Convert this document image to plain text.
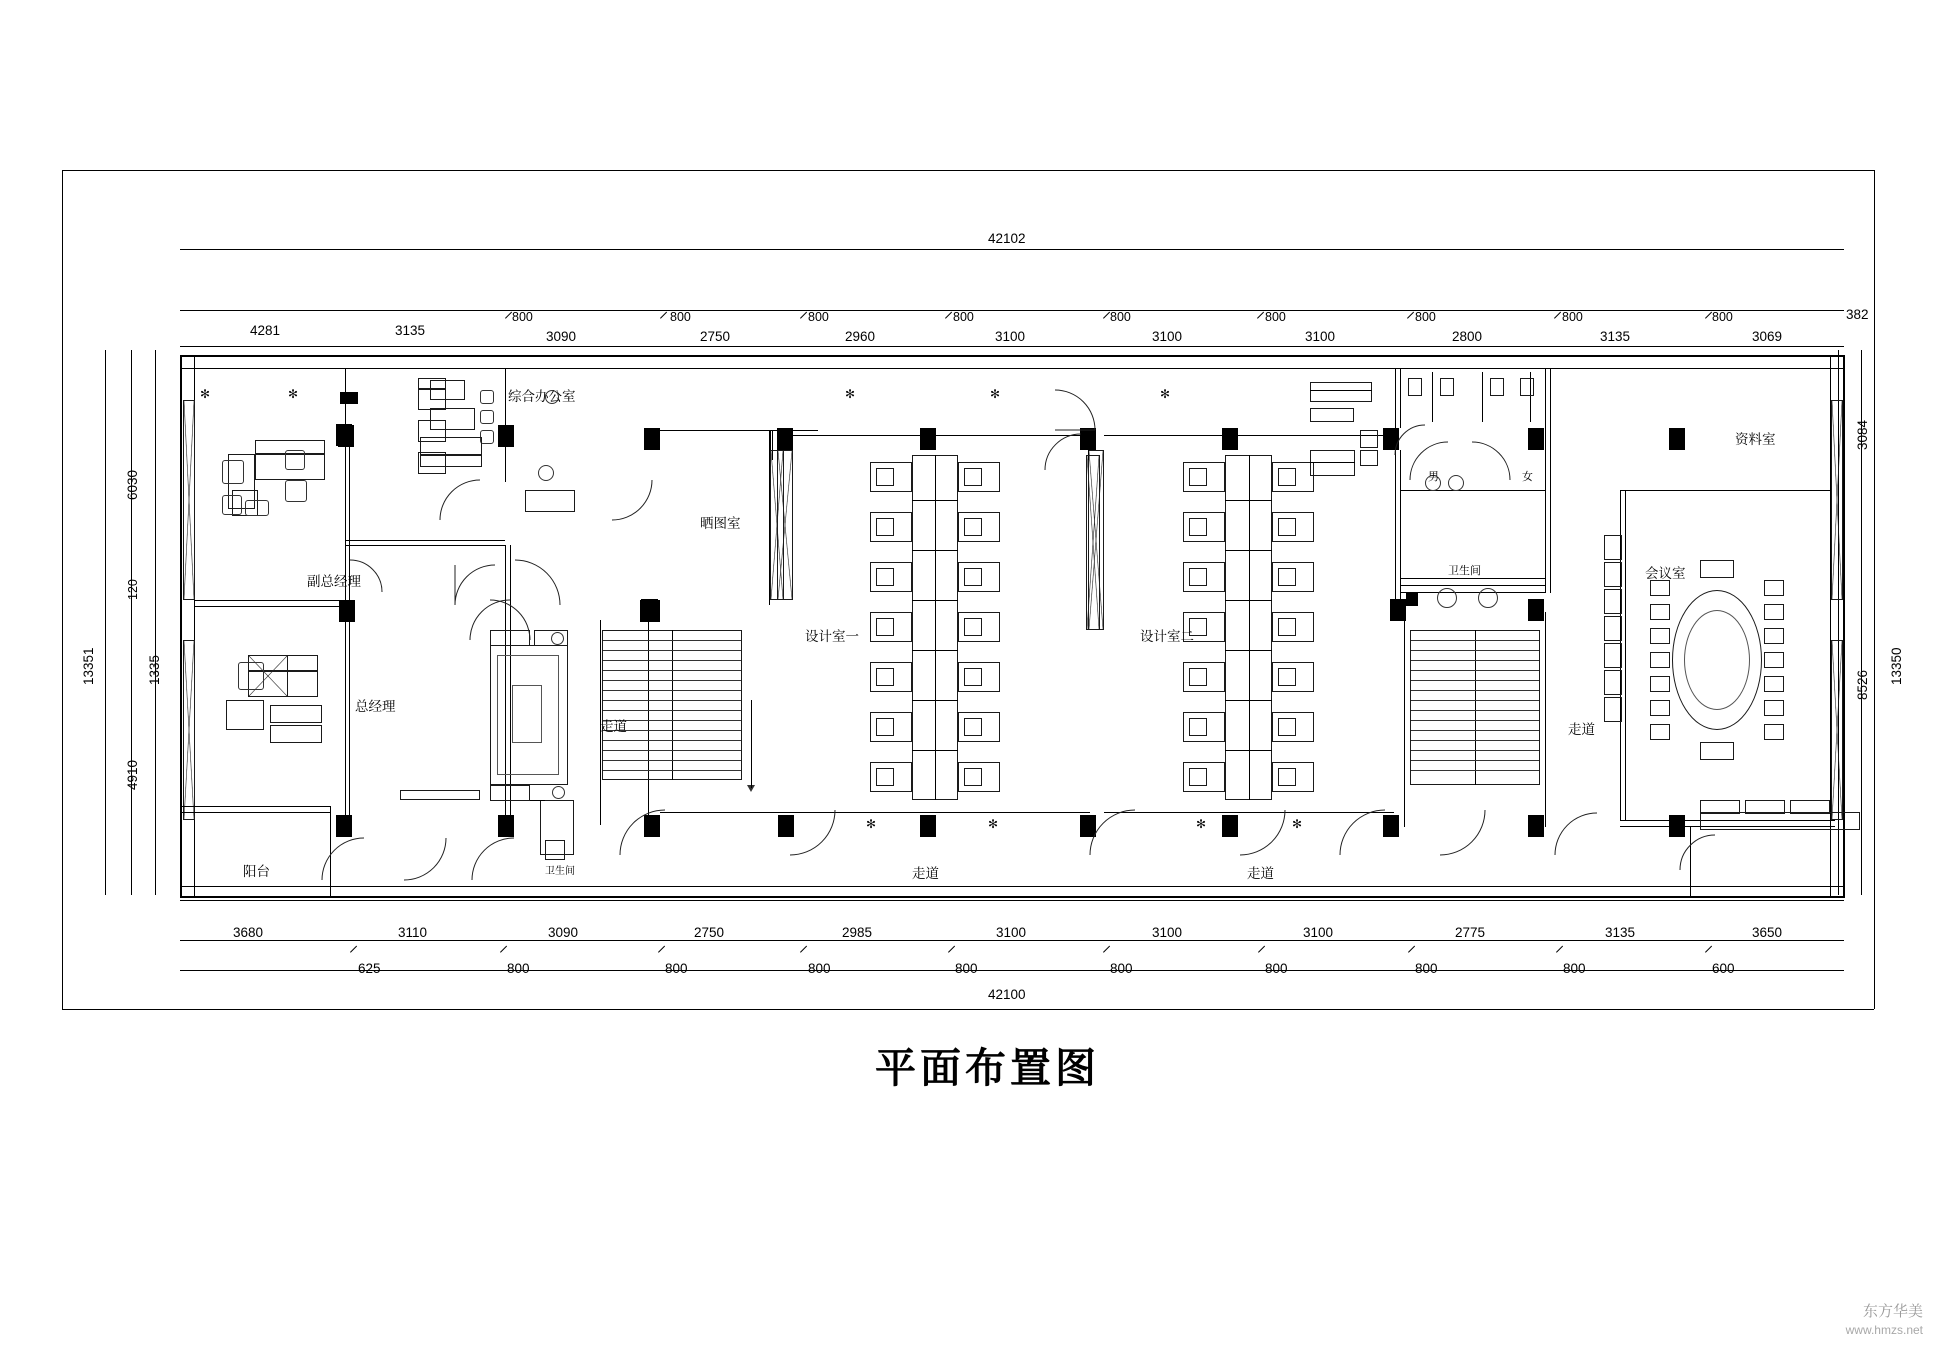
42102
42100
✻	✻	✻	✻	✻
✻	✻	✻	✻
副总经理
总经理
综合办公室
阳台	卫生间
晒图室
走道
设计室一	设计室二
走道	走道
卫生间
男	女
走道
会议室
资料室
4281	3135
800
3090
800
2750
800
2960
800
3100
800
3100
800
3100
800
2800
800
3135
800
3069
382
3680	3110	3090	2750	2985	3100	3100	3100	2775	3135	3650
625	800	800	800	800	800	800	800	800	600
13351
120
1335
6030
4910
13350
3084
8526
平面布置图
东方华美
www.hmzs.net
